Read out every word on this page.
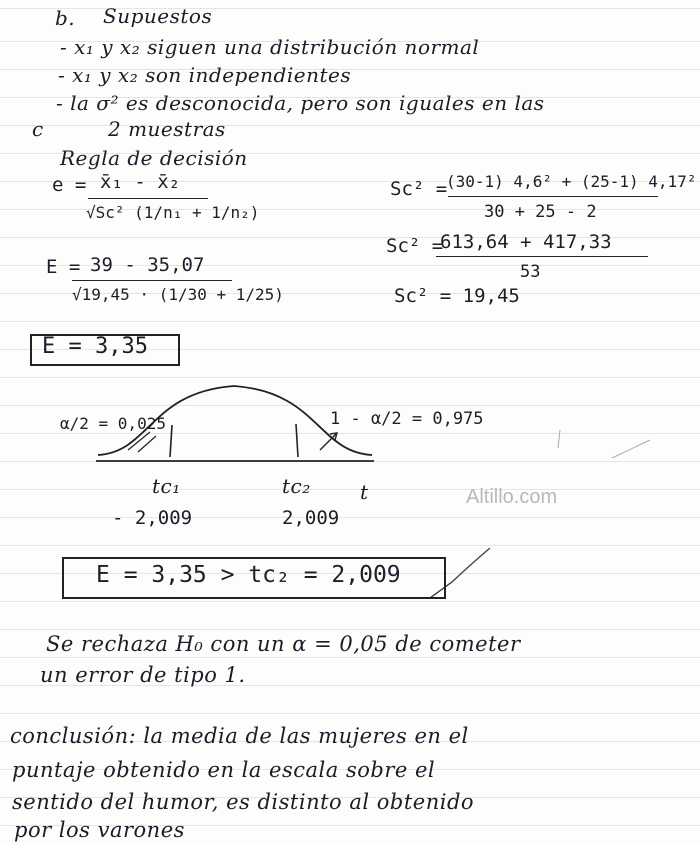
b. Supuestos
- x₁ y x₂ siguen una distribución normal
- x₁ y x₂ son independientes
- la σ² es desconocida, pero son iguales en las
c	2 muestras
Regla de decisión
e = x̄₁ - x̄₂
√Sc² (1/n₁ + 1/n₂)
E = 39 - 35,07
√19,45 · (1/30 + 1/25)
E = 3,35
Sc² =
(30-1) 4,6² + (25-1) 4,17²
30 + 25 - 2
Sc² =
613,64 + 417,33
53
Sc² = 19,45
α/2 = 0,025	1 - α/2 = 0,975
tc₁	tc₂ t
- 2,009	2,009
Altillo.com
E = 3,35 > tc₂ = 2,009
Se rechaza H₀ con un α = 0,05 de cometer
un error de tipo 1.
conclusión: la media de las mujeres en el
puntaje obtenido en la escala sobre el
sentido del humor, es distinto al obtenido
por los varones
